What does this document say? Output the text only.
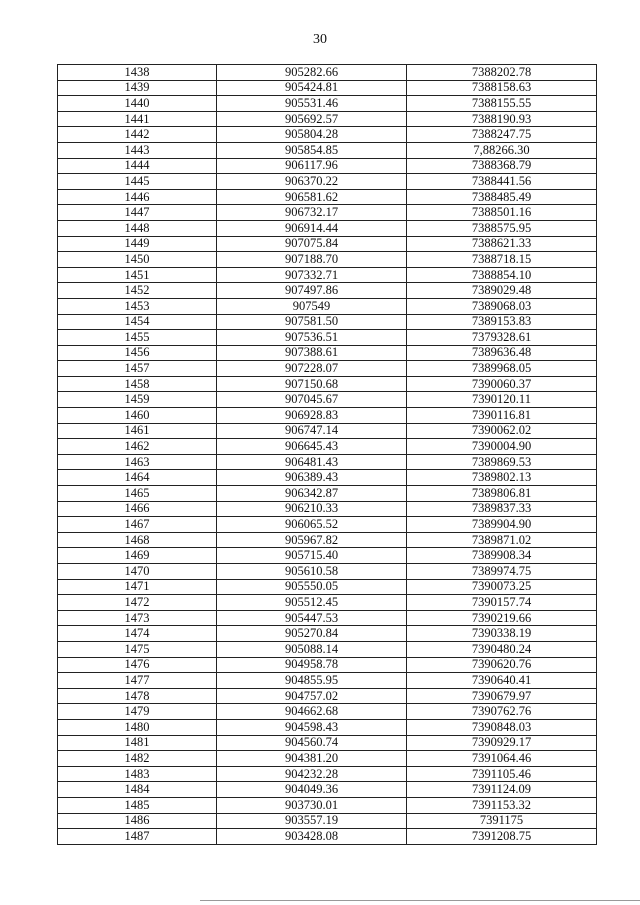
30
1438	905282.66	7388202.78
1439	905424.81	7388158.63
1440	905531.46	7388155.55
1441	905692.57	7388190.93
1442	905804.28	7388247.75
1443	905854.85	7,88266.30
1444	906117.96	7388368.79
1445	906370.22	7388441.56
1446	906581.62	7388485.49
1447	906732.17	7388501.16
1448	906914.44	7388575.95
1449	907075.84	7388621.33
1450	907188.70	7388718.15
1451	907332.71	7388854.10
1452	907497.86	7389029.48
1453	907549	7389068.03
1454	907581.50	7389153.83
1455	907536.51	7379328.61
1456	907388.61	7389636.48
1457	907228.07	7389968.05
1458	907150.68	7390060.37
1459	907045.67	7390120.11
1460	906928.83	7390116.81
1461	906747.14	7390062.02
1462	906645.43	7390004.90
1463	906481.43	7389869.53
1464	906389.43	7389802.13
1465	906342.87	7389806.81
1466	906210.33	7389837.33
1467	906065.52	7389904.90
1468	905967.82	7389871.02
1469	905715.40	7389908.34
1470	905610.58	7389974.75
1471	905550.05	7390073.25
1472	905512.45	7390157.74
1473	905447.53	7390219.66
1474	905270.84	7390338.19
1475	905088.14	7390480.24
1476	904958.78	7390620.76
1477	904855.95	7390640.41
1478	904757.02	7390679.97
1479	904662.68	7390762.76
1480	904598.43	7390848.03
1481	904560.74	7390929.17
1482	904381.20	7391064.46
1483	904232.28	7391105.46
1484	904049.36	7391124.09
1485	903730.01	7391153.32
1486	903557.19	7391175
1487	903428.08	7391208.75
